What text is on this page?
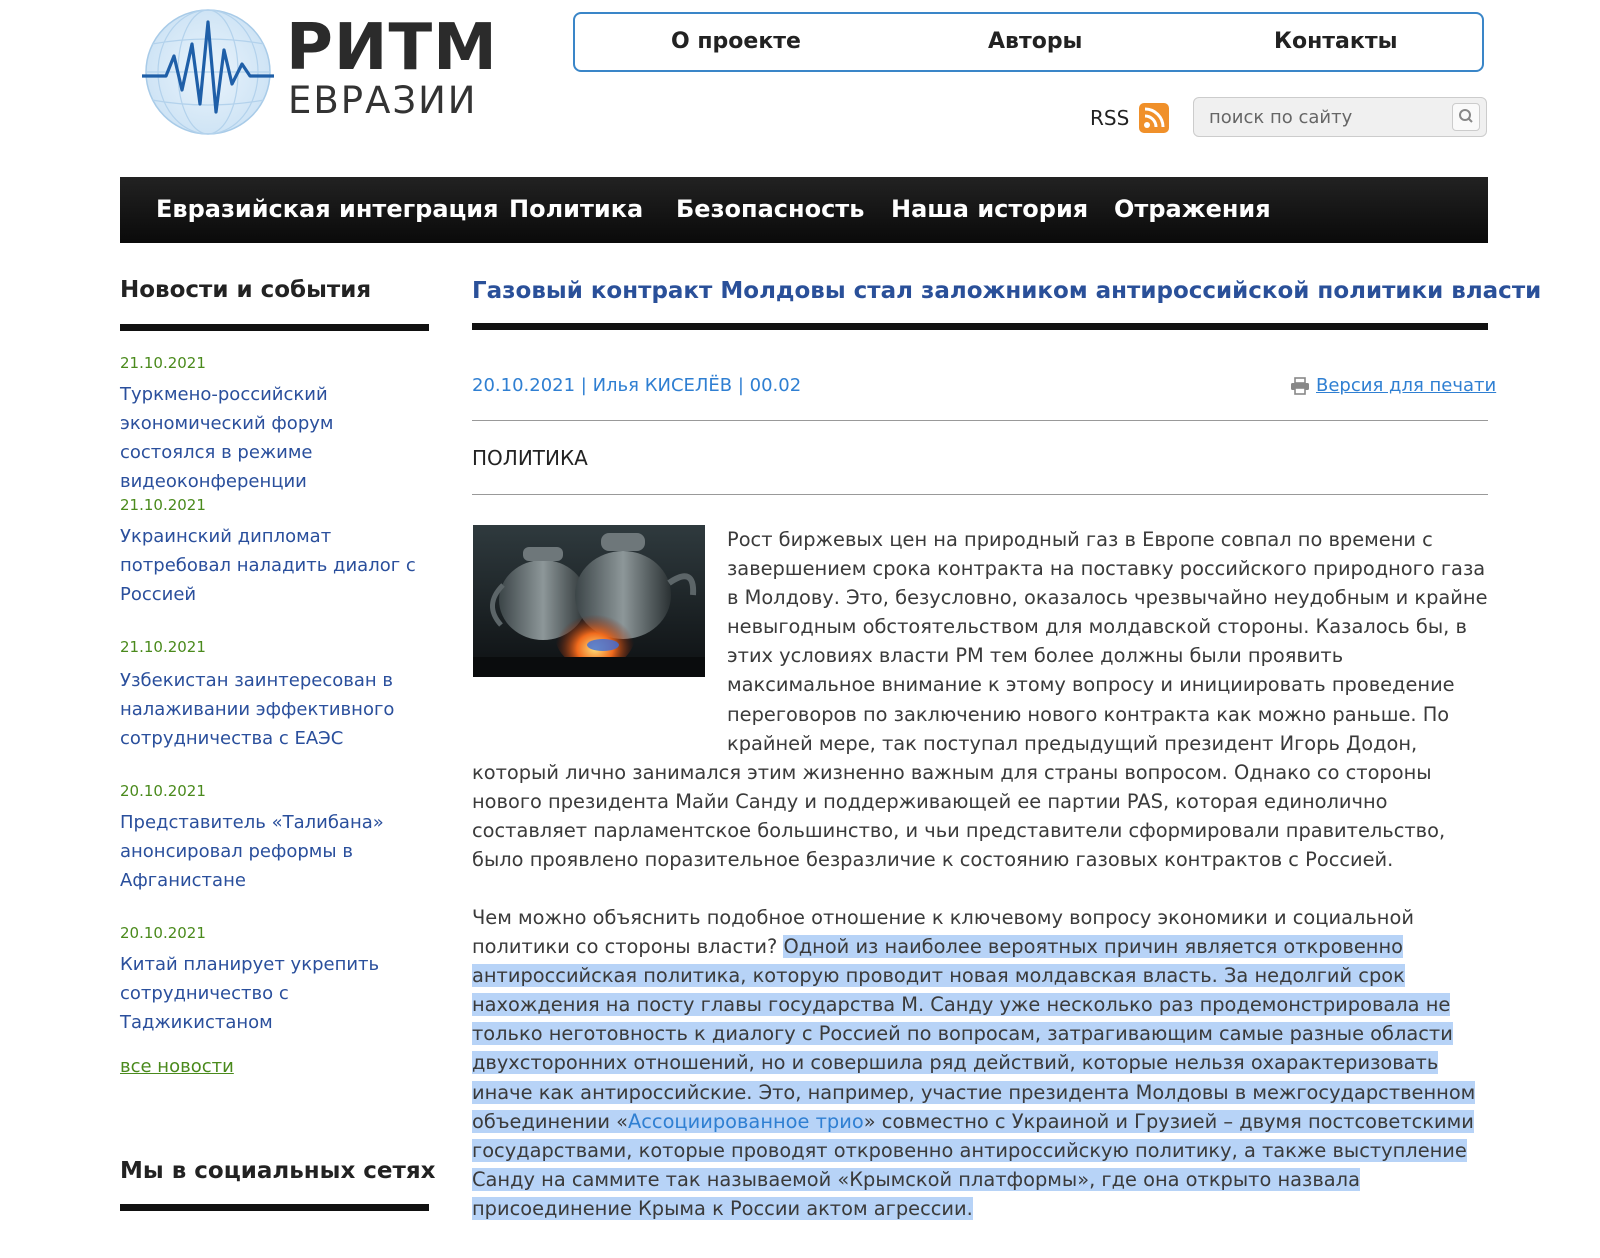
РИТМ
ЕВРАЗИИ
О проекте	Авторы	Контакты
RSS
поиск по сайту
Евразийская интеграция Политика Безопасность Наша история Отражения
Новости и события
21.10.2021
Туркмено-российский экономический форум состоялся в режиме видеоконференции
21.10.2021
Украинский дипломат потребовал наладить диалог с Россией
21.10.2021
Узбекистан заинтересован в налаживании эффективного сотрудничества с ЕАЭС
20.10.2021
Представитель «Талибана» анонсировал реформы в Афганистане
20.10.2021
Китай планирует укрепить сотрудничество с Таджикистаном
все новости
Мы в социальных сетях
Газовый контракт Молдовы стал заложником антироссийской политики власти
20.10.2021 | Илья КИСЕЛЁВ | 00.02	Версия для печати
ПОЛИТИКА

Рост биржевых цен на природный газ в Европе совпал по времени с завершением срока контракта на поставку российского природного газа в Молдову. Это, безусловно, оказалось чрезвычайно неудобным и крайне невыгодным обстоятельством для молдавской стороны. Казалось бы, в этих условиях власти РМ тем более должны были проявить максимальное внимание к этому вопросу и инициировать проведение переговоров по заключению нового контракта как можно раньше. По крайней мере, так поступал предыдущий президент Игорь Додон, который лично занимался этим жизненно важным для страны вопросом. Однако со стороны нового президента Майи Санду и поддерживающей ее партии PAS, которая единолично составляет парламентское большинство, и чьи представители сформировали правительство, было проявлено поразительное безразличие к состоянию газовых контрактов с Россией.

Чем можно объяснить подобное отношение к ключевому вопросу экономики и социальной политики со стороны власти? Одной из наиболее вероятных причин является откровенно антироссийская политика, которую проводит новая молдавская власть. За недолгий срок нахождения на посту главы государства М. Санду уже несколько раз продемонстрировала не только неготовность к диалогу с Россией по вопросам, затрагивающим самые разные области двухсторонних отношений, но и совершила ряд действий, которые нельзя охарактеризовать иначе как антироссийские. Это, например, участие президента Молдовы в межгосударственном объединении «Ассоциированное трио» совместно с Украиной и Грузией – двумя постсоветскими государствами, которые проводят откровенно антироссийскую политику, а также выступление Санду на саммите так называемой «Крымской платформы», где она открыто назвала присоединение Крыма к России актом агрессии.
